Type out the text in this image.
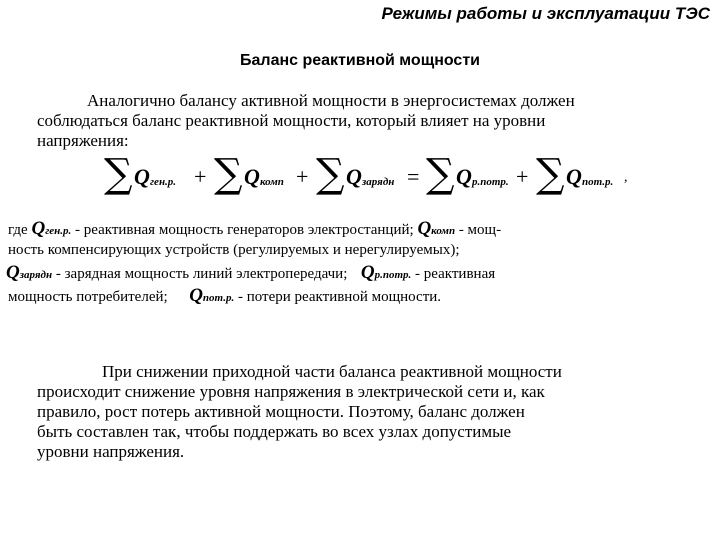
Режимы работы и эксплуатации ТЭС
Баланс реактивной мощности
Аналогично балансу активной мощности в энергосистемах должен
соблюдаться баланс реактивной мощности, который влияет на уровни
напряжения:
∑ Q ген.р. + ∑ Q комп + ∑ Q зарядн = ∑ Q р.потр. + ∑ Q пот.р. ,
где Qген.р. - реактивная мощность генераторов электростанций; Qкомп - мощ-
ность компенсирующих устройств (регулируемых и нерегулируемых);
Qзарядн - зарядная мощность линий электропередачи; Qр.потр. - реактивная
мощность потребителей; Qпот.р. - потери реактивной мощности.
При снижении приходной части баланса реактивной мощности
происходит снижение уровня напряжения в электрической сети и, как
правило, рост потерь активной мощности. Поэтому, баланс должен
быть составлен так, чтобы поддержать во всех узлах допустимые
уровни напряжения.
